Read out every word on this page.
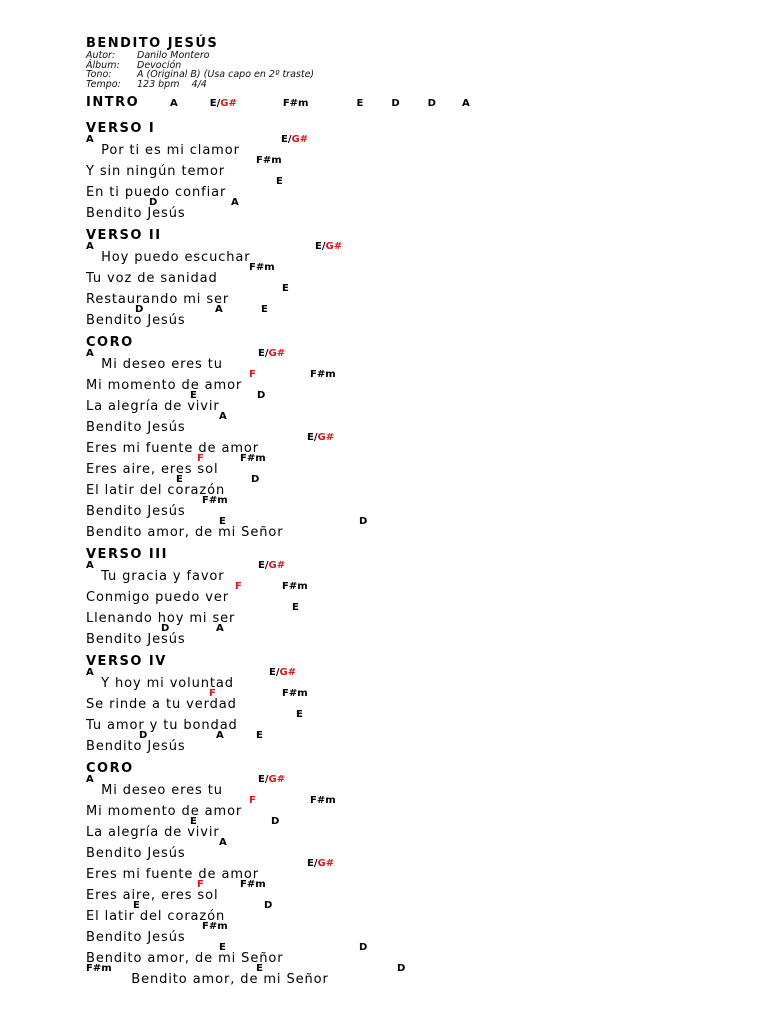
BENDITO JESÚS
Autor: Danilo Montero
Álbum: Devoción
Tono:	A (Original B) (Usa capo en 2º traste)
Tempo: 123 bpm    4/4
INTRO	A	E/G#	F#m	E	D	D	A
VERSO I
A	E/G#
Por ti es mi clamor
F#m
Y sin ningún temor
E
En ti puedo confiar
D	A
Bendito Jesús
VERSO II
A	E/G#
Hoy puedo escuchar
F#m
Tu voz de sanidad
E
Restaurando mi ser
D	A	E
Bendito Jesús
CORO
A	E/G#
Mi deseo eres tu
F	F#m
Mi momento de amor
E	D
La alegría de vivir
A
Bendito Jesús
E/G#
Eres mi fuente de amor
F	F#m
Eres aire, eres sol
E	D
El latir del corazón
F#m
Bendito Jesús
E	D
Bendito amor, de mi Señor
VERSO III
A	E/G#
Tu gracia y favor
F	F#m
Conmigo puedo ver
E
Llenando hoy mi ser
D	A
Bendito Jesús
VERSO IV
A	E/G#
Y hoy mi voluntad
F	F#m
Se rinde a tu verdad
E
Tu amor y tu bondad
D	A	E
Bendito Jesús
CORO
A	E/G#
Mi deseo eres tu
F	F#m
Mi momento de amor
E	D
La alegría de vivir
A
Bendito Jesús
E/G#
Eres mi fuente de amor
F	F#m
Eres aire, eres sol
E	D
El latir del corazón
F#m
Bendito Jesús
E	D
Bendito amor, de mi Señor
F#m	E	D
Bendito amor, de mi Señor
